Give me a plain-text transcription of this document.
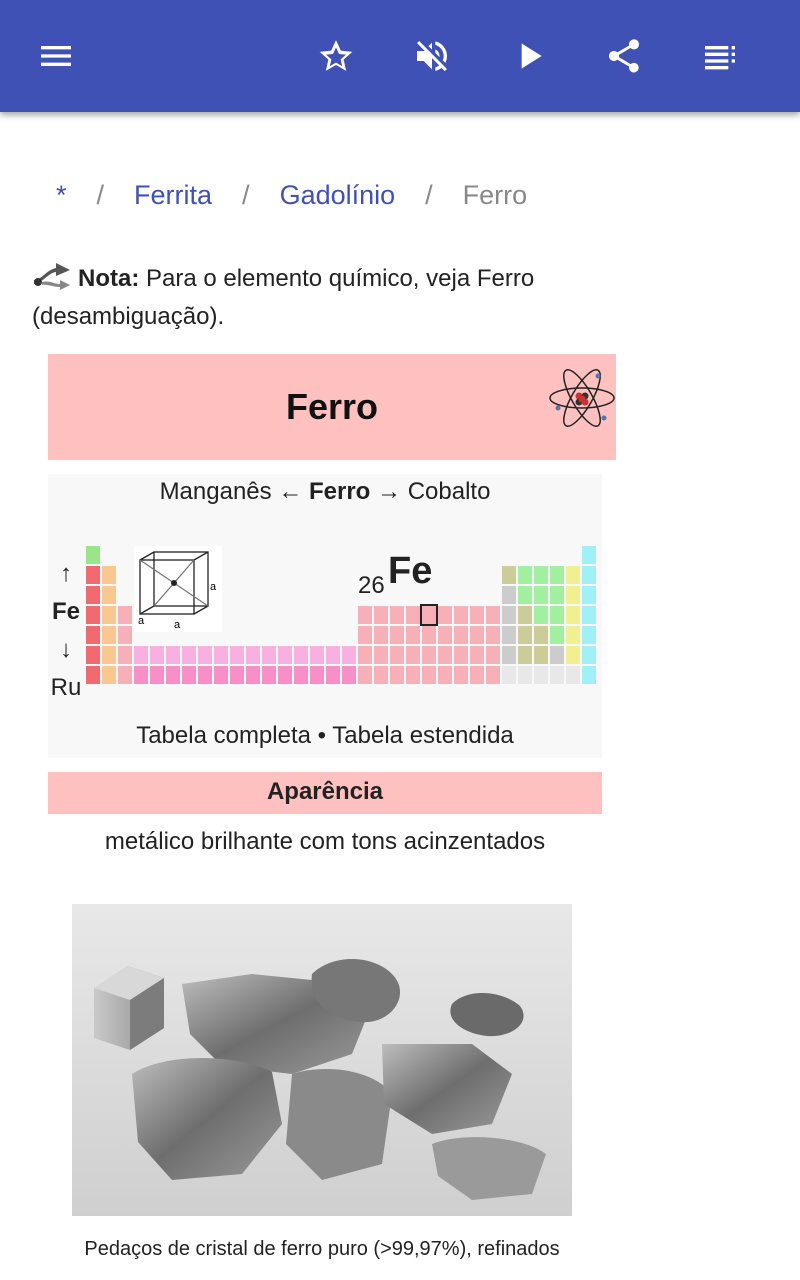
* / Ferrita / Gadolínio / Ferro
Nota: Para o elemento químico, veja Ferro (desambiguação).
Ferro
Manganês ← Ferro → Cobalto
↑
Fe
↓
Ru
a
a	a
26 Fe
Tabela completa • Tabela estendida
Aparência
metálico brilhante com tons acinzentados
Pedaços de cristal de ferro puro (>99,97%), refinados
